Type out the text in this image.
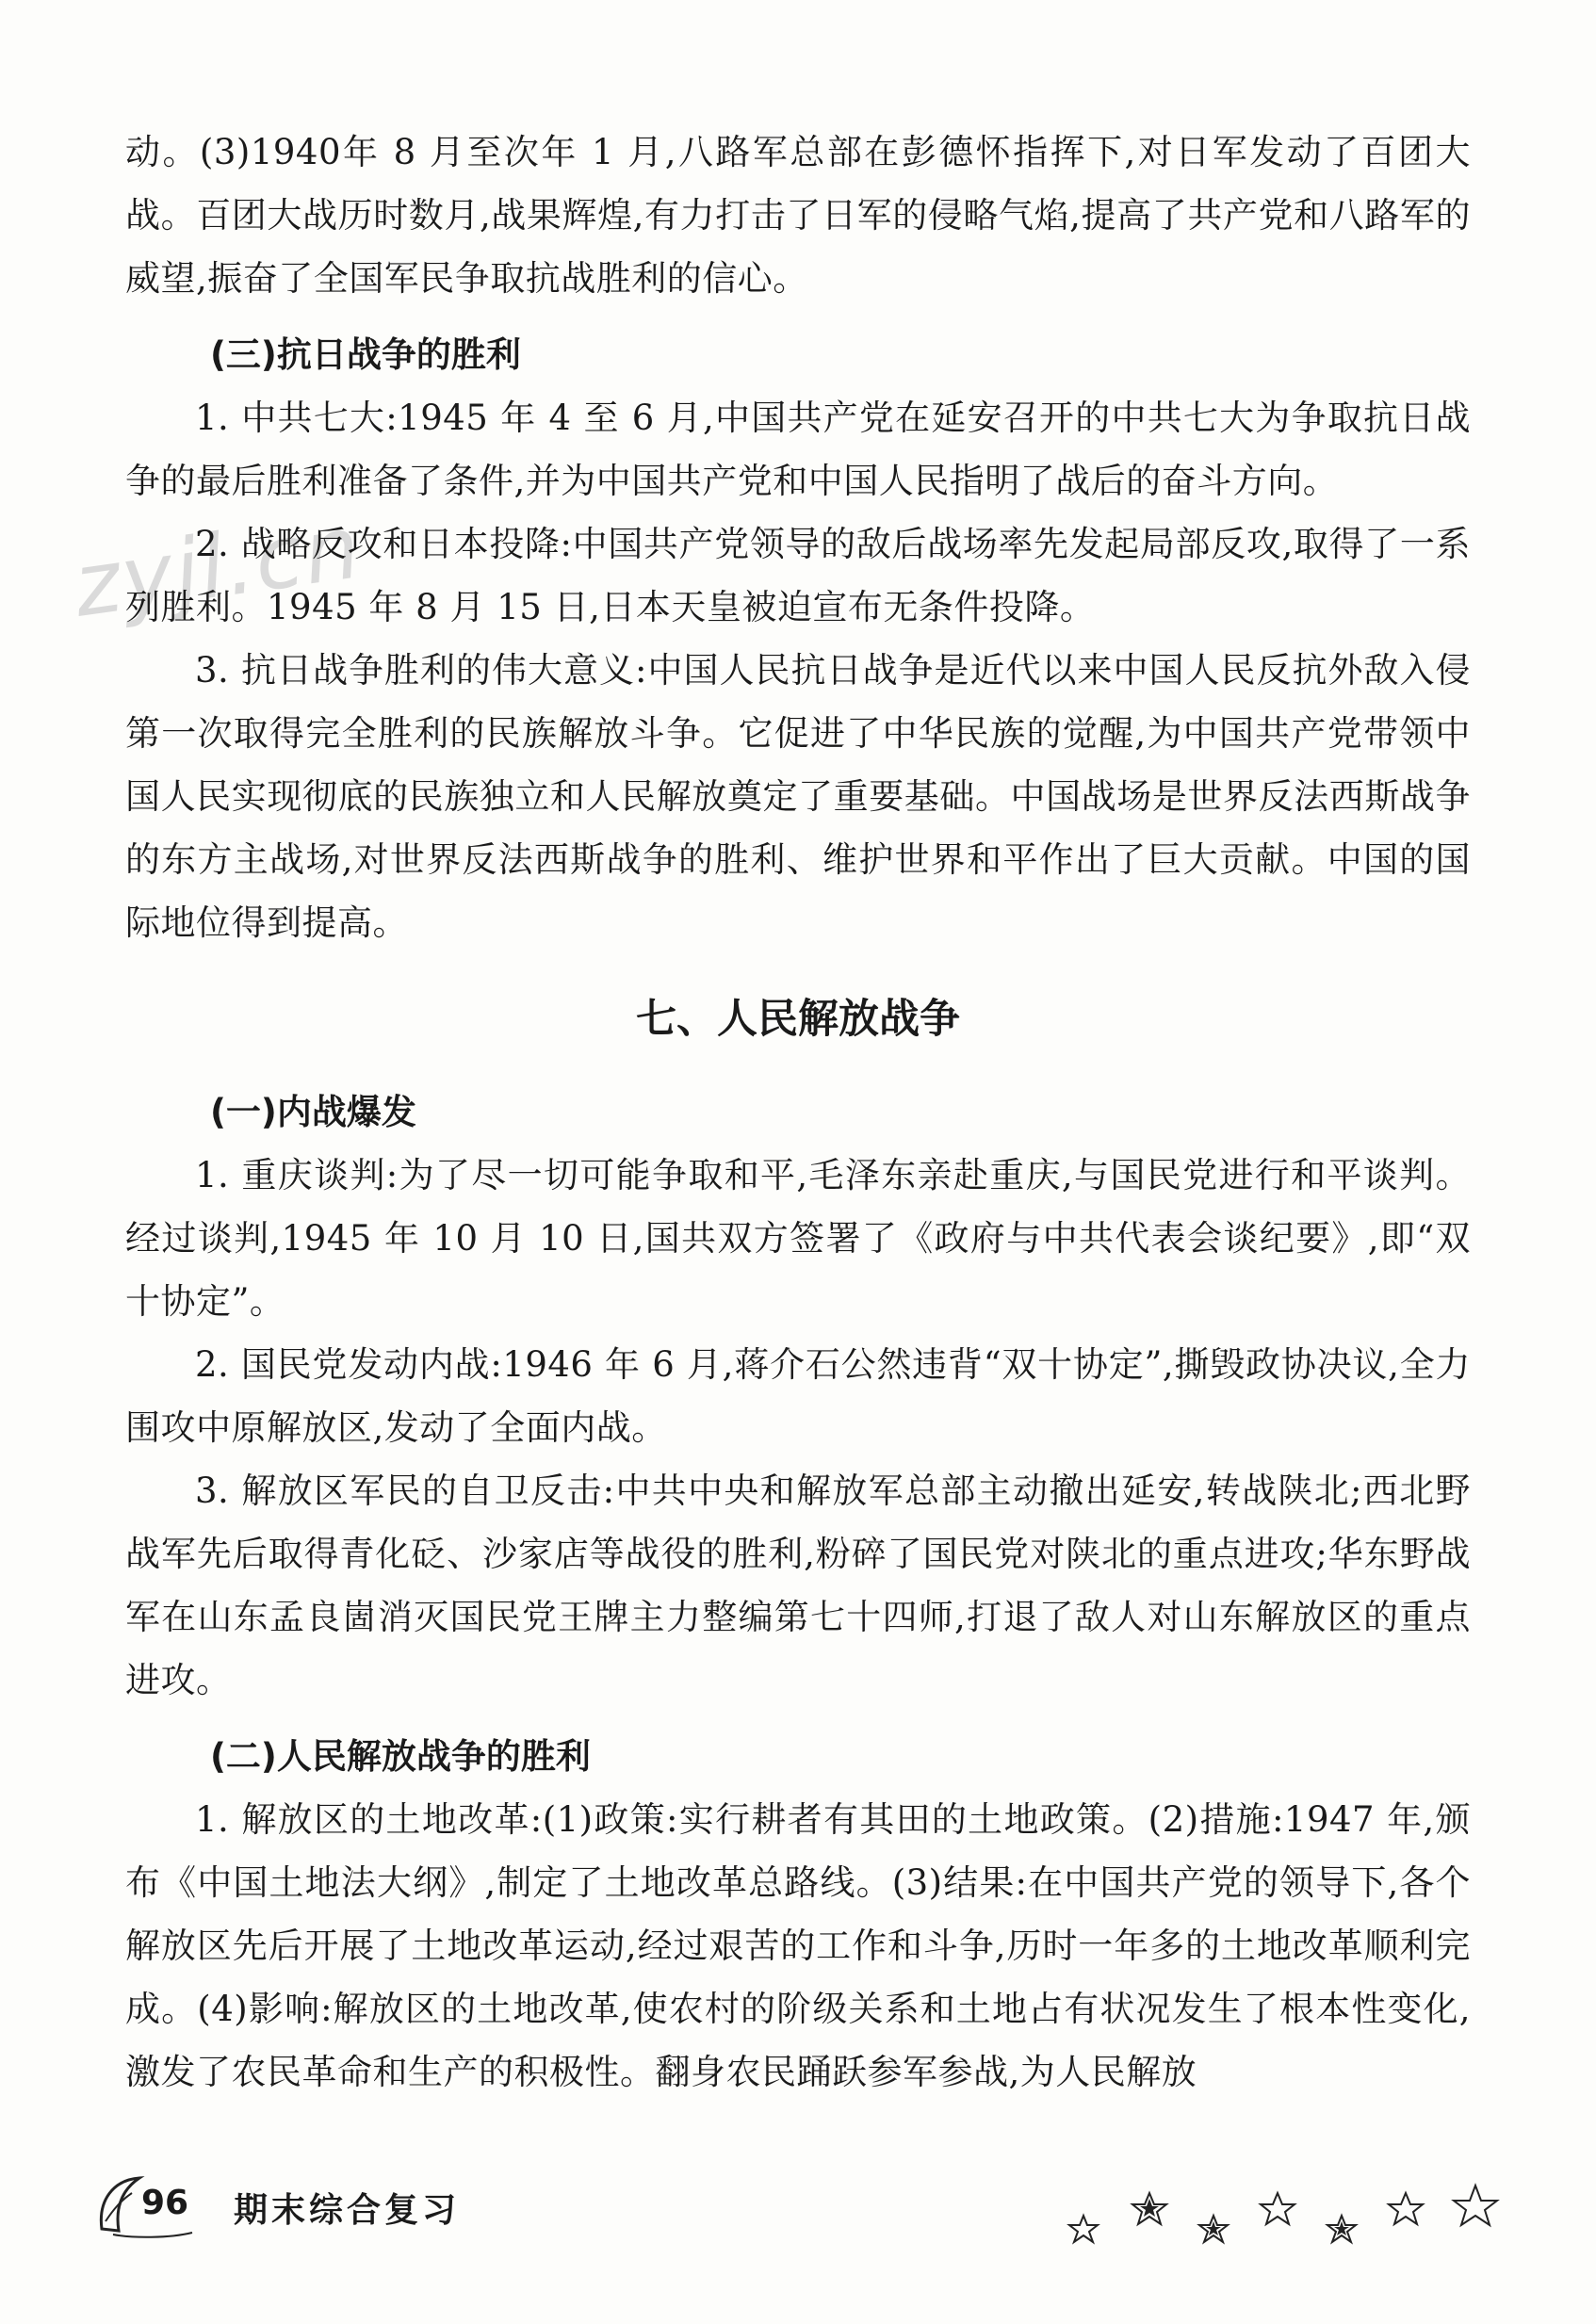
zyjl.cn

动。(3)1940年 8 月至次年 1 月,八路军总部在彭德怀指挥下,对日军发动了百团大战。百团大战历时数月,战果辉煌,有力打击了日军的侵略气焰,提高了共产党和八路军的威望,振奋了全国军民争取抗战胜利的信心。

(三)抗日战争的胜利

1. 中共七大:1945 年 4 至 6 月,中国共产党在延安召开的中共七大为争取抗日战争的最后胜利准备了条件,并为中国共产党和中国人民指明了战后的奋斗方向。

2. 战略反攻和日本投降:中国共产党领导的敌后战场率先发起局部反攻,取得了一系列胜利。1945 年 8 月 15 日,日本天皇被迫宣布无条件投降。

3. 抗日战争胜利的伟大意义:中国人民抗日战争是近代以来中国人民反抗外敌入侵第一次取得完全胜利的民族解放斗争。它促进了中华民族的觉醒,为中国共产党带领中国人民实现彻底的民族独立和人民解放奠定了重要基础。中国战场是世界反法西斯战争的东方主战场,对世界反法西斯战争的胜利、维护世界和平作出了巨大贡献。中国的国际地位得到提高。

七、人民解放战争
(一)内战爆发

1. 重庆谈判:为了尽一切可能争取和平,毛泽东亲赴重庆,与国民党进行和平谈判。经过谈判,1945 年 10 月 10 日,国共双方签署了《政府与中共代表会谈纪要》,即“双十协定”。

2. 国民党发动内战:1946 年 6 月,蒋介石公然违背“双十协定”,撕毁政协决议,全力围攻中原解放区,发动了全面内战。

3. 解放区军民的自卫反击:中共中央和解放军总部主动撤出延安,转战陕北;西北野战军先后取得青化砭、沙家店等战役的胜利,粉碎了国民党对陕北的重点进攻;华东野战军在山东孟良崮消灭国民党王牌主力整编第七十四师,打退了敌人对山东解放区的重点进攻。

(二)人民解放战争的胜利

1. 解放区的土地改革:(1)政策:实行耕者有其田的土地政策。(2)措施:1947 年,颁布《中国土地法大纲》,制定了土地改革总路线。(3)结果:在中国共产党的领导下,各个解放区先后开展了土地改革运动,经过艰苦的工作和斗争,历时一年多的土地改革顺利完成。(4)影响:解放区的土地改革,使农村的阶级关系和土地占有状况发生了根本性变化,激发了农民革命和生产的积极性。翻身农民踊跃参军参战,为人民解放

96 期末综合复习
